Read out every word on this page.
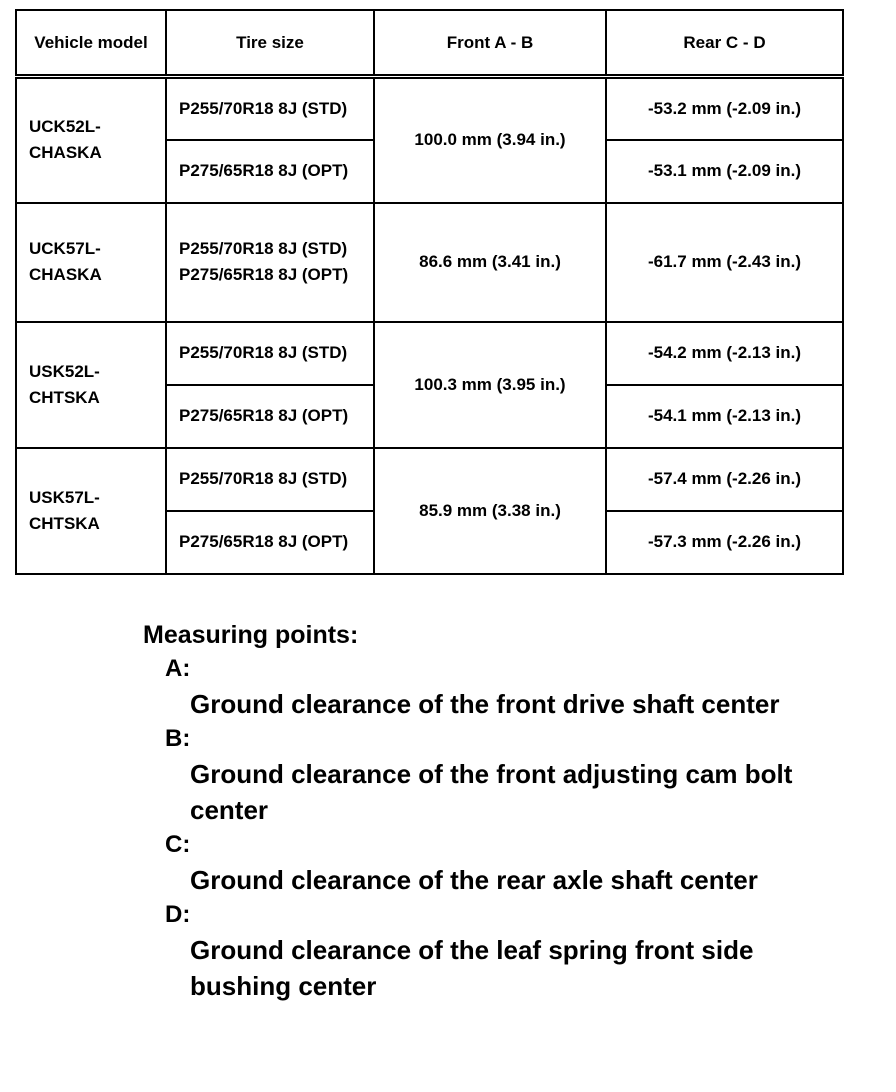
Vehicle model	Tire size	Front A - B	Rear C - D
UCK52L-CHASKA	P255/70R18 8J (STD)	100.0 mm (3.94 in.)	-53.2 mm (-2.09 in.)
	P275/65R18 8J (OPT)		-53.1 mm (-2.09 in.)
UCK57L-CHASKA	P255/70R18 8J (STD) P275/65R18 8J (OPT)	86.6 mm (3.41 in.)	-61.7 mm (-2.43 in.)
USK52L-CHTSKA	P255/70R18 8J (STD)	100.3 mm (3.95 in.)	-54.2 mm (-2.13 in.)
	P275/65R18 8J (OPT)		-54.1 mm (-2.13 in.)
USK57L-CHTSKA	P255/70R18 8J (STD)	85.9 mm (3.38 in.)	-57.4 mm (-2.26 in.)
	P275/65R18 8J (OPT)		-57.3 mm (-2.26 in.)
Measuring points:
A:
Ground clearance of the front drive shaft center
B:
Ground clearance of the front adjusting cam bolt center
C:
Ground clearance of the rear axle shaft center
D:
Ground clearance of the leaf spring front side bushing center
